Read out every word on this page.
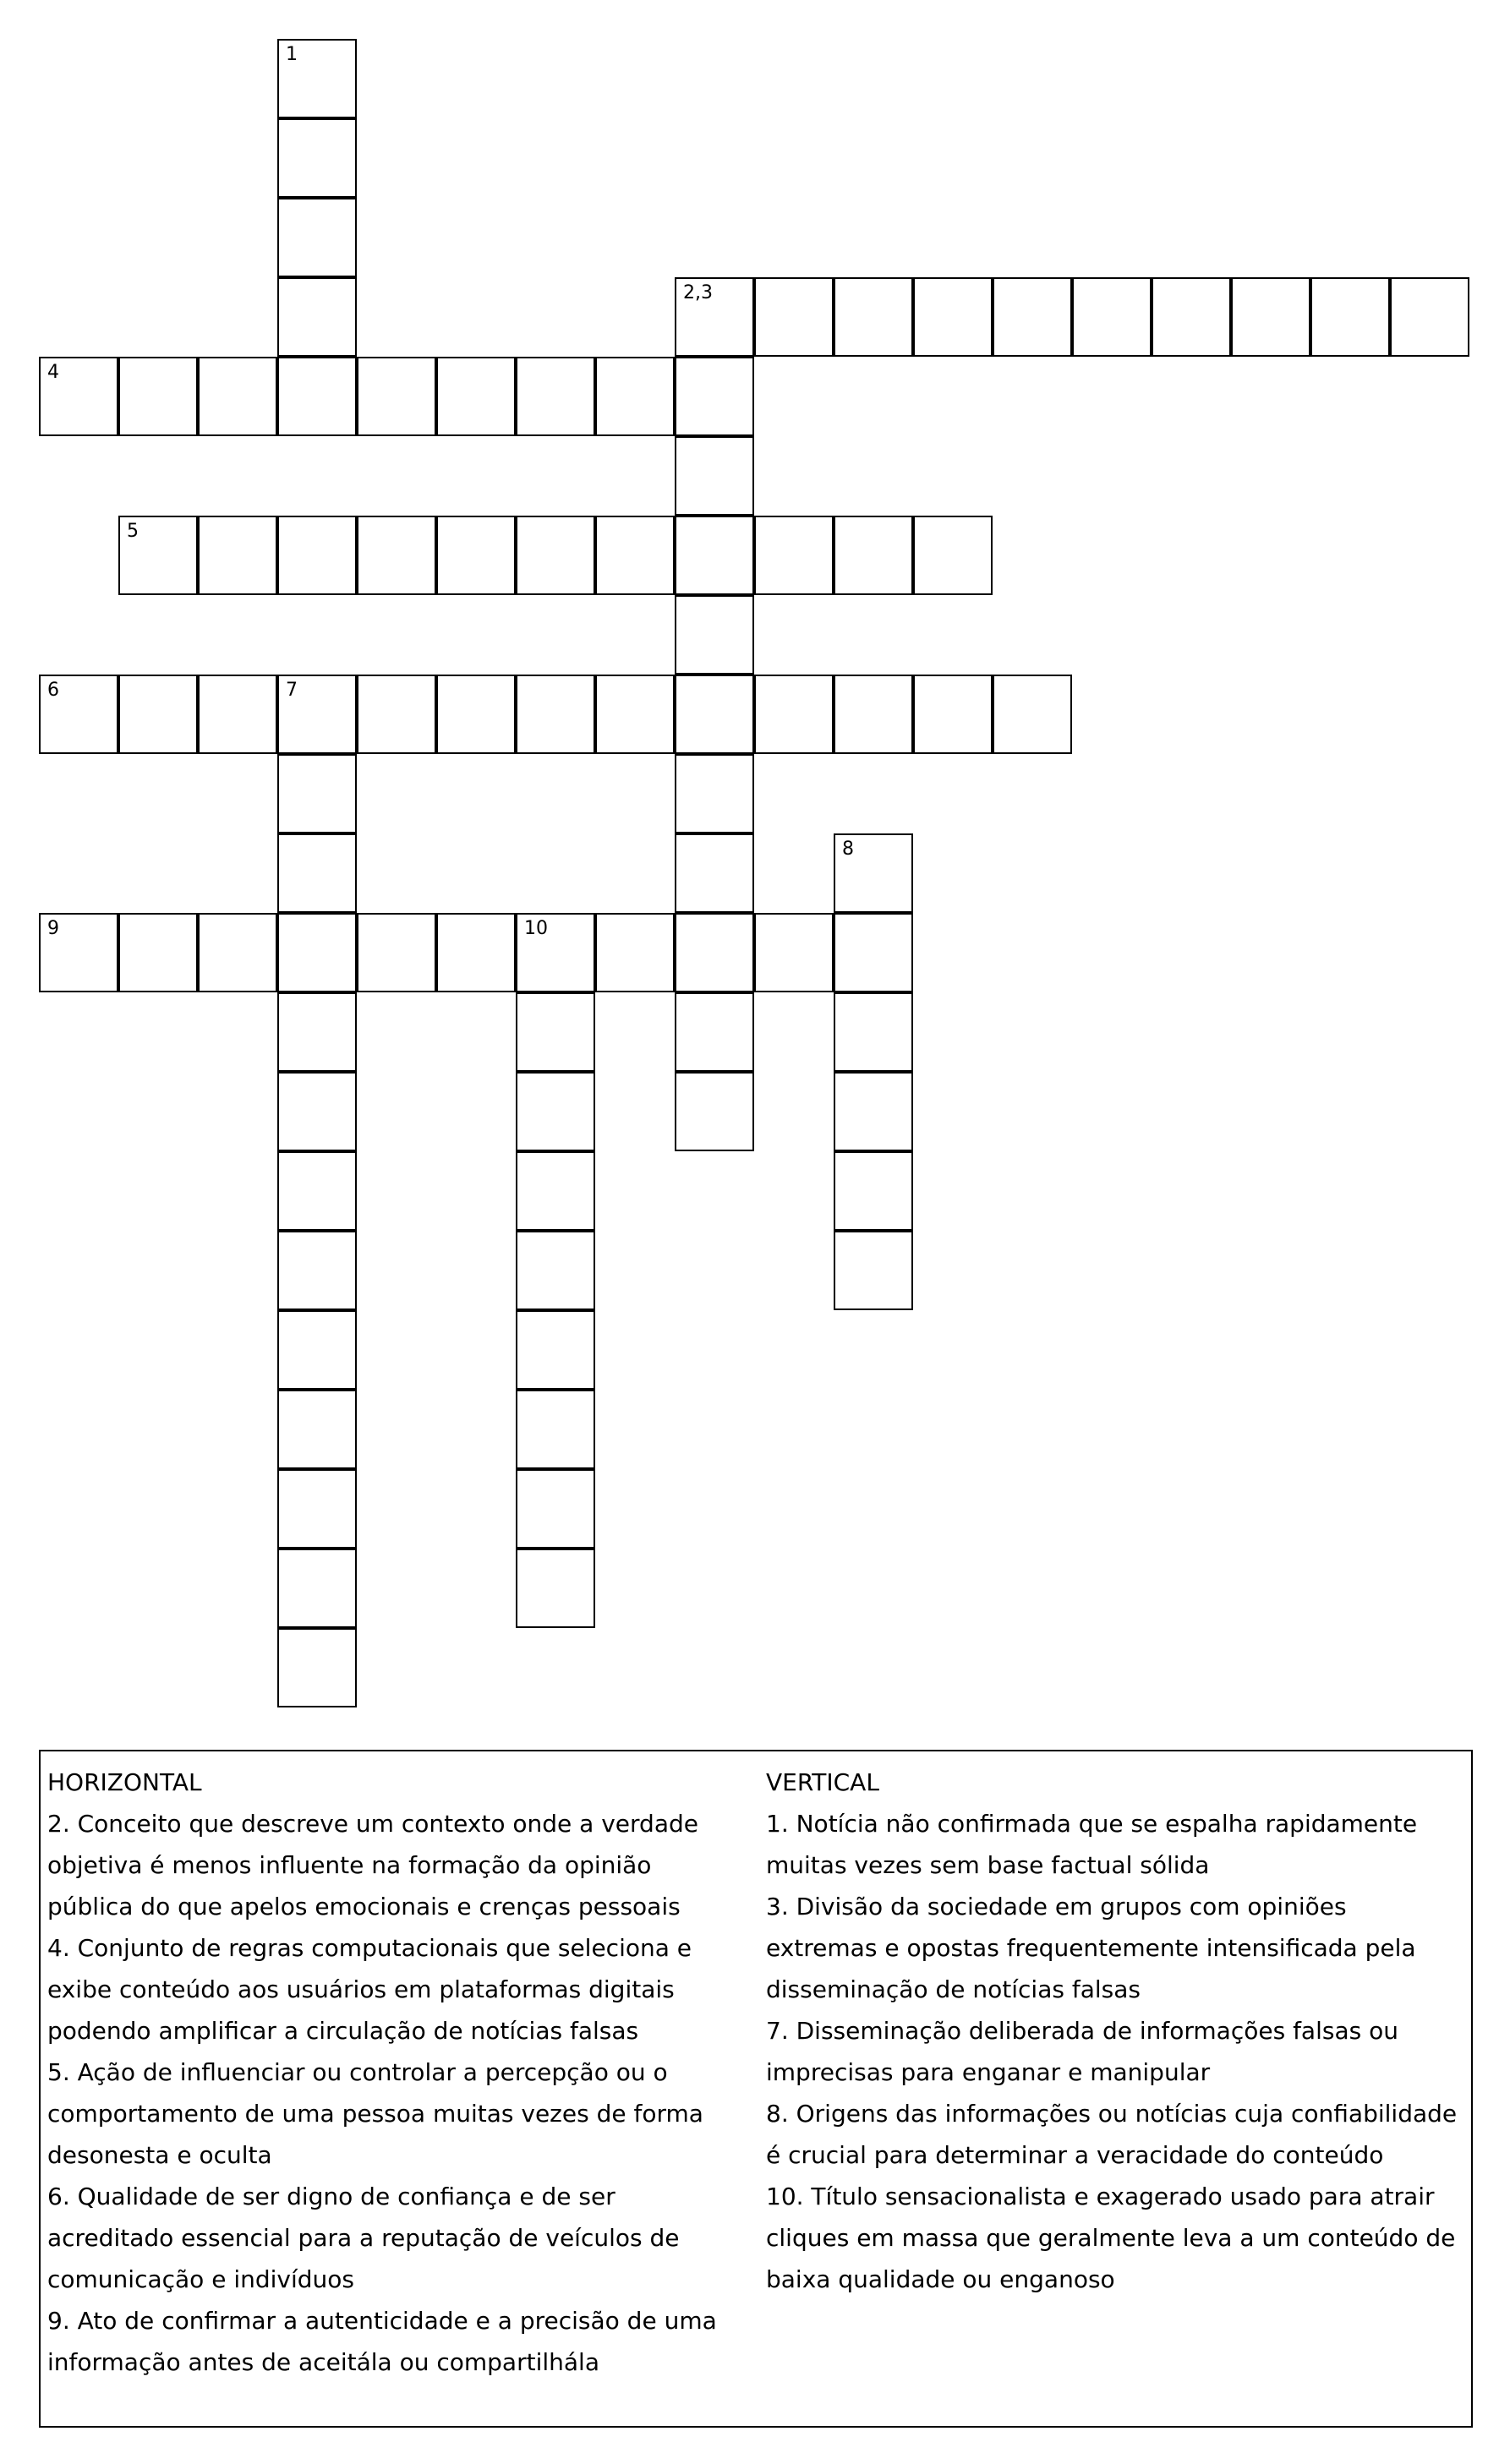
2,3
4
5
6	7
9	10
1
8
HORIZONTAL

2. Conceito que descreve um contexto onde a verdade objetiva é menos influente na formação da opinião pública do que apelos emocionais e crenças pessoais

4. Conjunto de regras computacionais que seleciona e exibe conteúdo aos usuários em plataformas digitais podendo amplificar a circulação de notícias falsas

5. Ação de influenciar ou controlar a percepção ou o comportamento de uma pessoa muitas vezes de forma desonesta e oculta

6. Qualidade de ser digno de confiança e de ser acreditado essencial para a reputação de veículos de comunicação e indivíduos

9. Ato de confirmar a autenticidade e a precisão de uma informação antes de aceitála ou compartilhála

VERTICAL

1. Notícia não confirmada que se espalha rapidamente muitas vezes sem base factual sólida

3. Divisão da sociedade em grupos com opiniões extremas e opostas frequentemente intensificada pela disseminação de notícias falsas

7. Disseminação deliberada de informações falsas ou imprecisas para enganar e manipular

8. Origens das informações ou notícias cuja confiabilidade é crucial para determinar a veracidade do conteúdo

10. Título sensacionalista e exagerado usado para atrair cliques em massa que geralmente leva a um conteúdo de baixa qualidade ou enganoso
